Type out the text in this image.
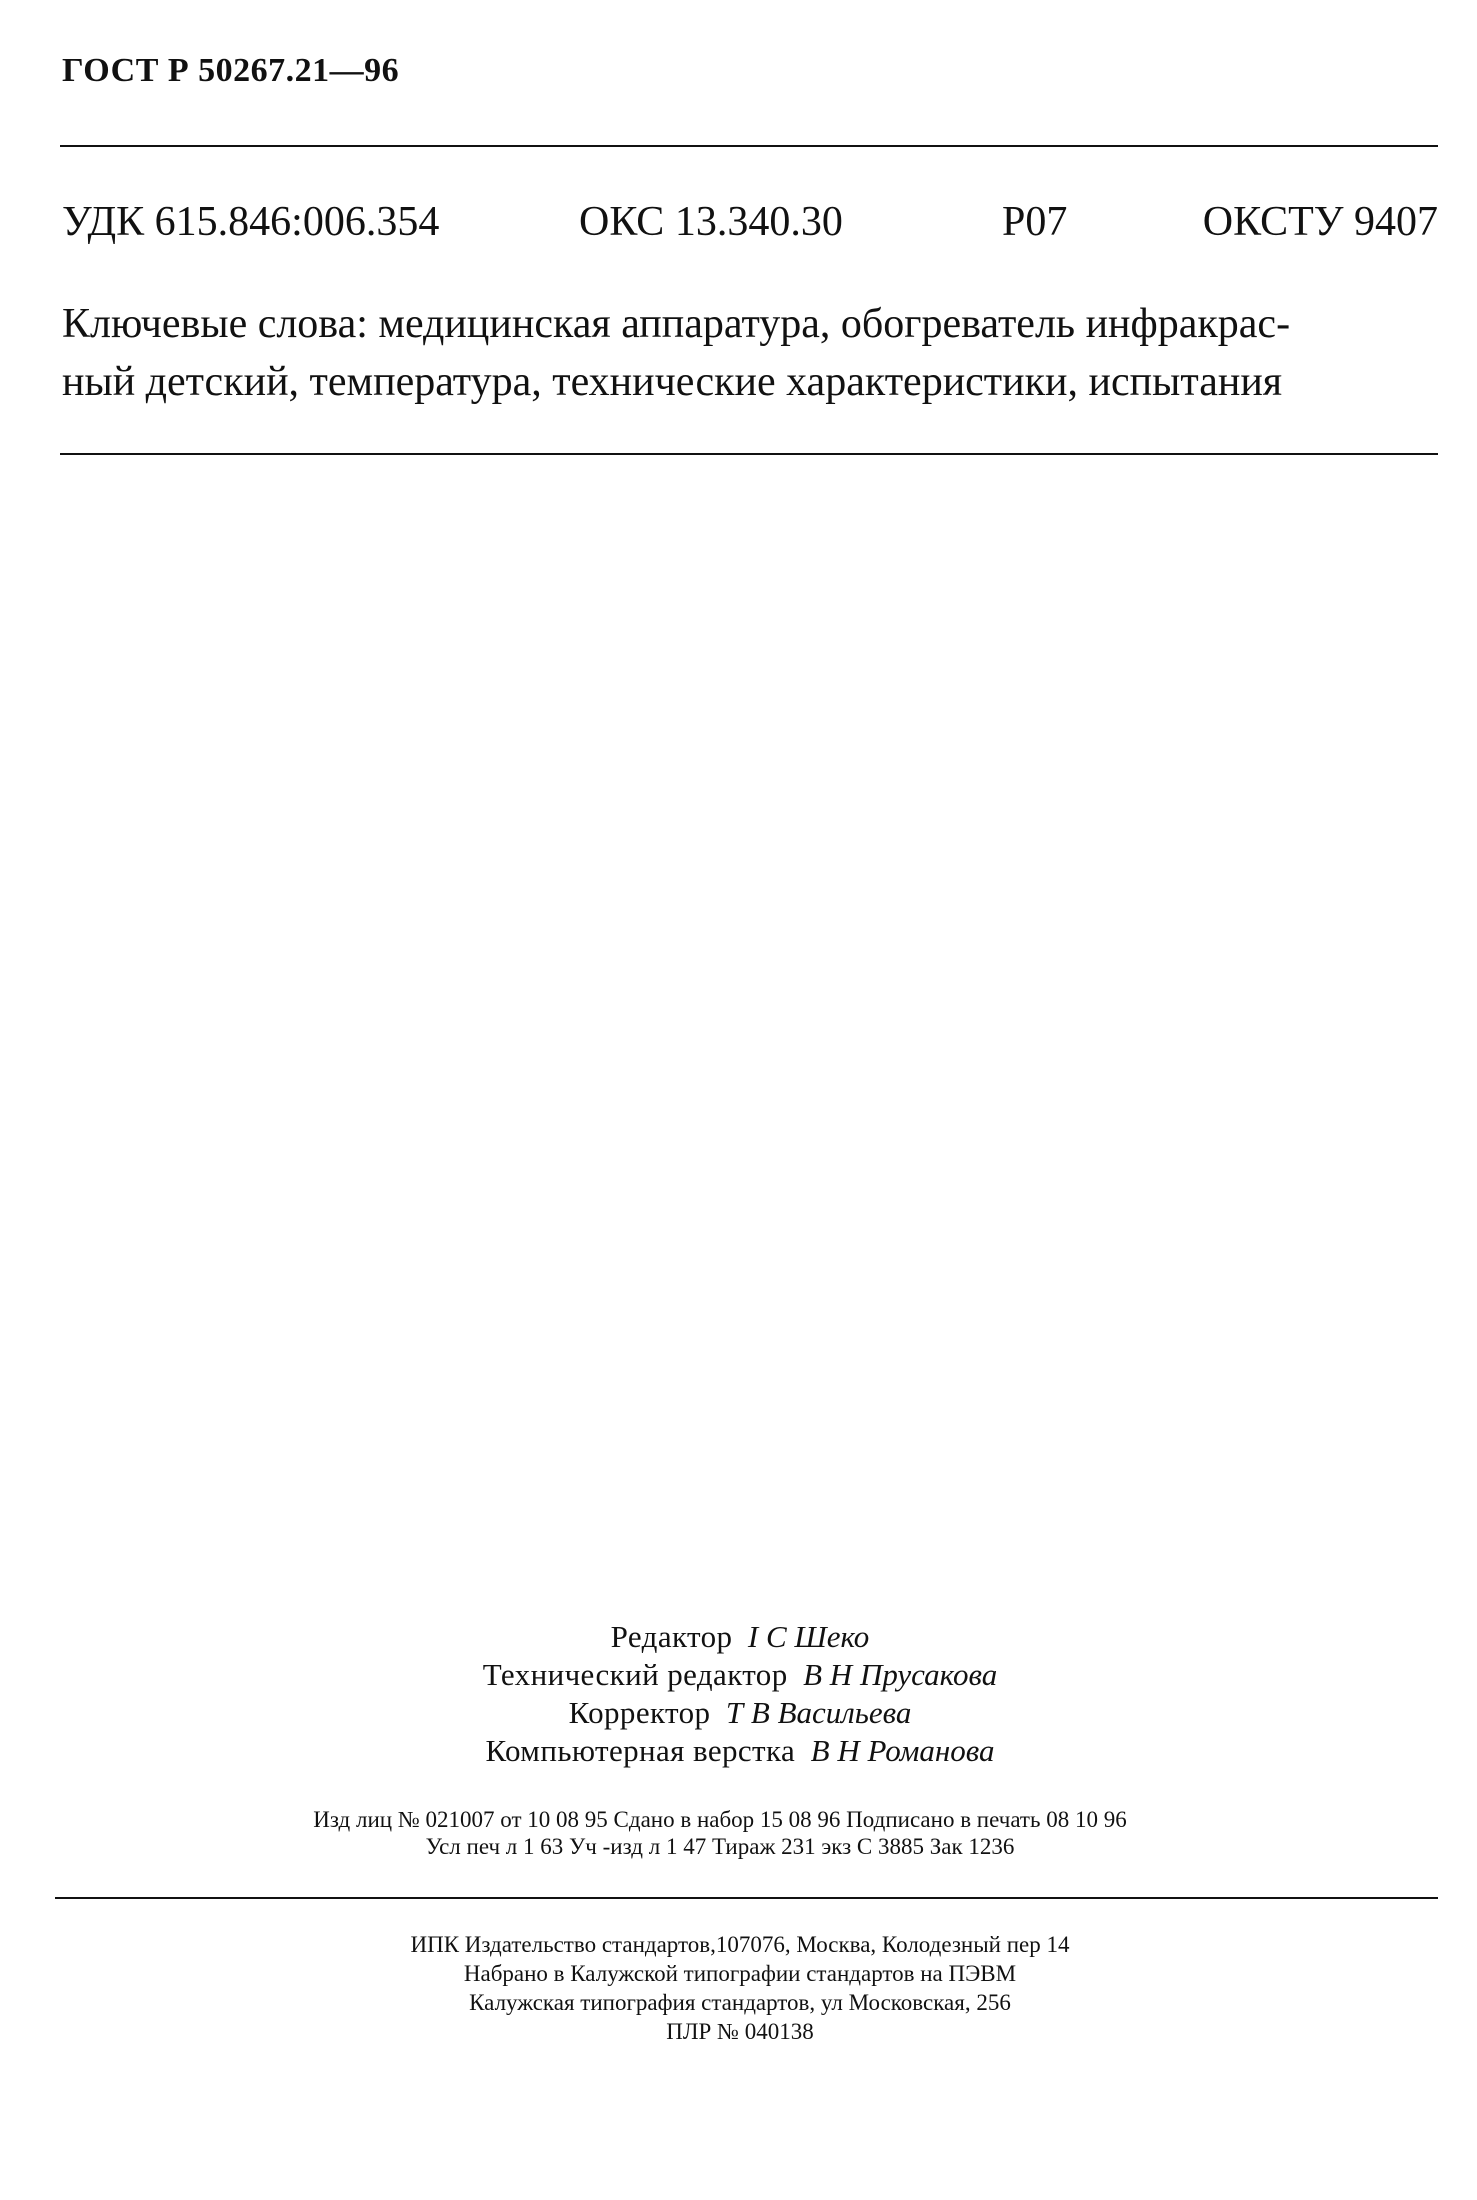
ГОСТ Р 50267.21—96
УДК 615.846:006.354	ОКС 13.340.30	Р07	ОКСТУ 9407
Ключевые слова: медицинская аппаратура, обогреватель инфракрас-
ный детский, температура, технические характеристики, испытания
Редактор I С Шеко
Технический редактор В Н Прусакова
Корректор Т В Васильева
Компьютерная верстка В Н Романова
Изд лиц № 021007 от 10 08 95 Сдано в набор 15 08 96 Подписано в печать 08 10 96
Усл печ л 1 63 Уч -изд л 1 47 Тираж 231 экз С 3885 Зак 1236
ИПК Издательство стандартов,107076, Москва, Колодезный пер 14
Набрано в Калужской типографии стандартов на ПЭВМ
Калужская типография стандартов, ул Московская, 256
ПЛР № 040138
